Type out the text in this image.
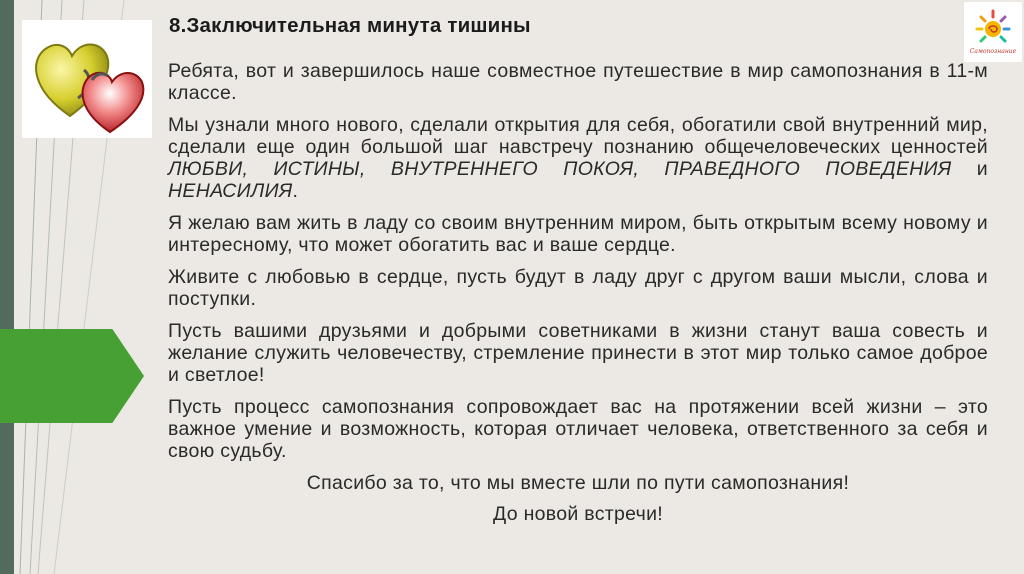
Самопознание
8.Заключительная минута тишины

Ребята, вот и завершилось наше совместное путешествие в мир самопознания в 11-м классе.

Мы узнали много нового, сделали открытия для себя, обогатили свой внутренний мир, сделали еще один большой шаг навстречу познанию общечеловеческих ценностей ЛЮБВИ, ИСТИНЫ, ВНУТРЕННЕГО ПОКОЯ, ПРАВЕДНОГО ПОВЕДЕНИЯ и НЕНАСИЛИЯ.

Я желаю вам жить в ладу со своим внутренним миром, быть открытым всему новому и интересному, что может обогатить вас и ваше сердце.

Живите с любовью в сердце, пусть будут в ладу друг с другом ваши мысли, слова и поступки.

Пусть вашими друзьями и добрыми советниками в жизни станут ваша совесть и желание служить человечеству, стремление принести в этот мир только самое доброе и светлое!

Пусть процесс самопознания сопровождает вас на протяжении всей жизни – это важное умение и возможность, которая отличает человека, ответственного за себя и свою судьбу.

Спасибо за то, что мы вместе шли по пути самопознания!

До новой встречи!
